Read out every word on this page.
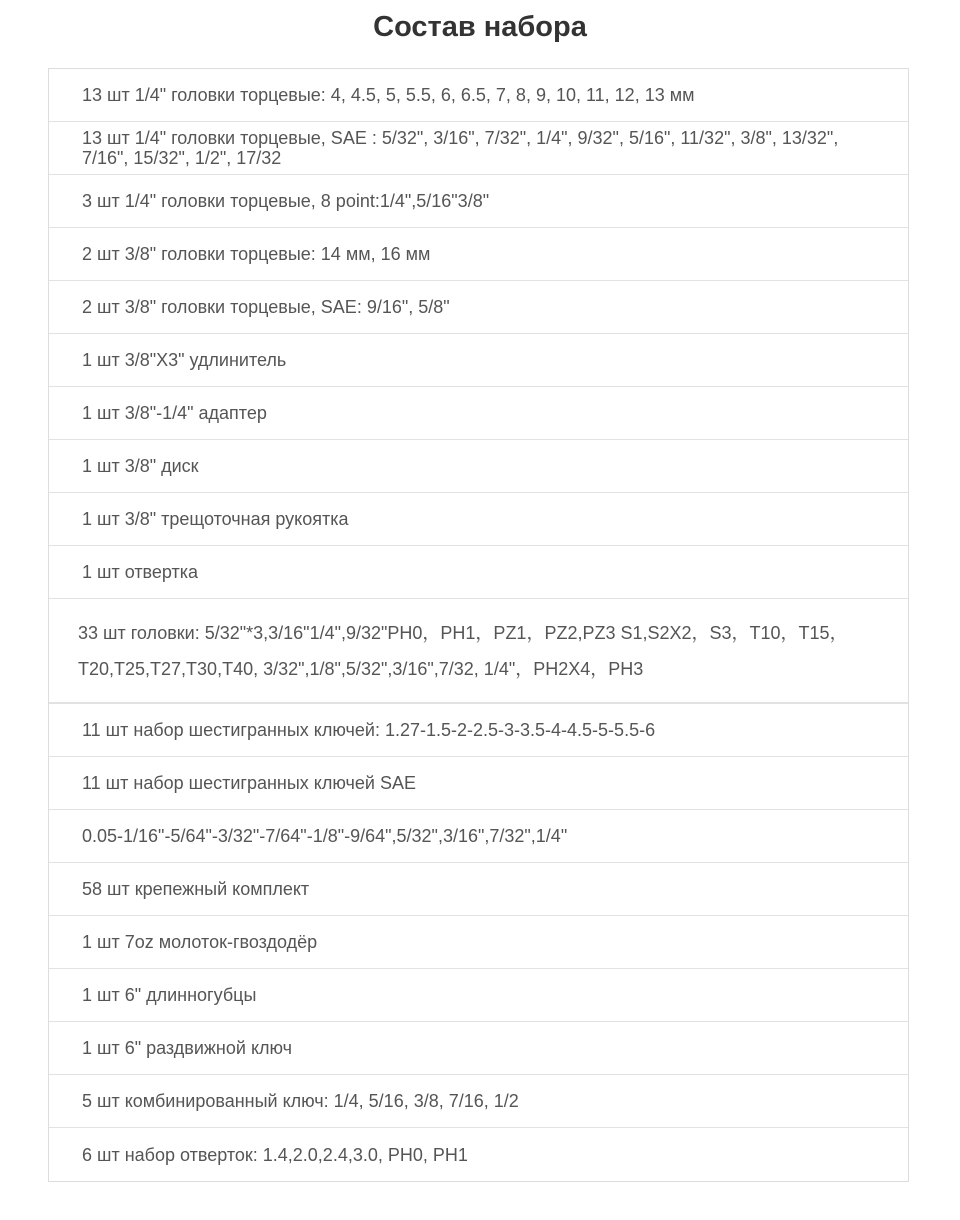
Состав набора
13 шт 1/4" головки торцевые: 4, 4.5, 5, 5.5, 6, 6.5, 7, 8, 9, 10, 11, 12, 13 мм
13 шт 1/4" головки торцевые, SAE : 5/32", 3/16", 7/32", 1/4", 9/32", 5/16", 11/32", 3/8", 13/32", 7/16", 15/32", 1/2", 17/32
3 шт 1/4" головки торцевые, 8 point:1/4",5/16"3/8"
2 шт 3/8" головки торцевые: 14 мм, 16 мм
2 шт 3/8" головки торцевые, SAE: 9/16", 5/8"
1 шт 3/8"X3" удлинитель
1 шт 3/8"-1/4" адаптер
1 шт 3/8" диск
1 шт 3/8" трещоточная рукоятка
1 шт отвертка
33 шт головки: 5/32"*3,3/16"1/4",9/32"PH0，PH1，PZ1，PZ2,PZ3 S1,S2X2，S3，T10，T15，T20,T25,T27,T30,T40, 3/32",1/8",5/32",3/16",7/32, 1/4"，PH2X4，PH3
11 шт набор шестигранных ключей: 1.27-1.5-2-2.5-3-3.5-4-4.5-5-5.5-6
11 шт набор шестигранных ключей SAE
0.05-1/16"-5/64"-3/32"-7/64"-1/8"-9/64",5/32",3/16",7/32",1/4"
58 шт крепежный комплект
1 шт 7oz молоток-гвоздодёр
1 шт 6" длинногубцы
1 шт 6" раздвижной ключ
5 шт комбинированный ключ: 1/4, 5/16, 3/8, 7/16, 1/2
6 шт набор отверток: 1.4,2.0,2.4,3.0, PH0, PH1
